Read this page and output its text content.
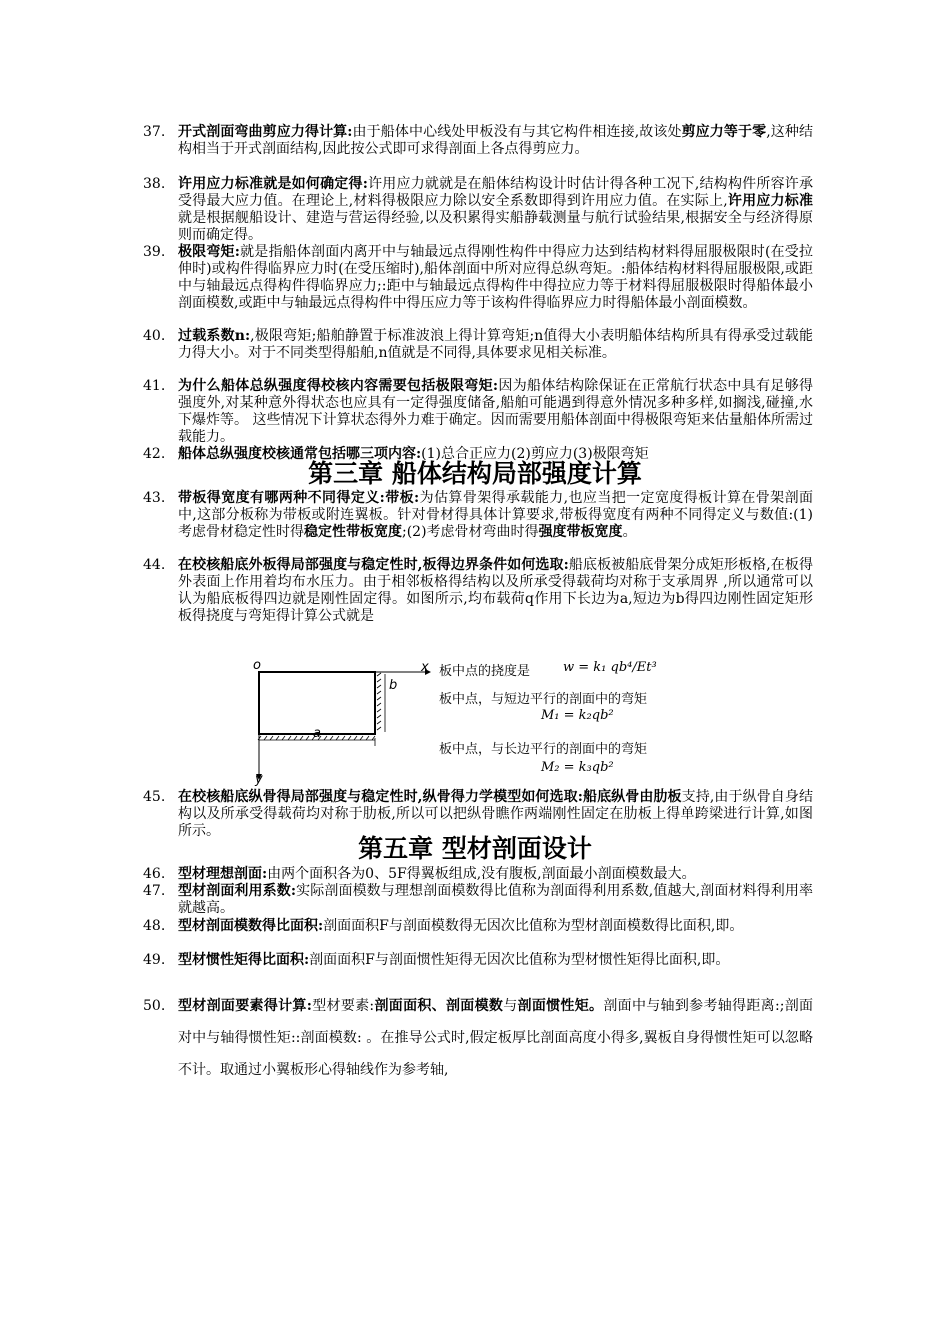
37. 开式剖面弯曲剪应力得计算:由于船体中心线处甲板没有与其它构件相连接,故该处剪应力等于零,这种结构相当于开式剖面结构,因此按公式即可求得剖面上各点得剪应力。
38. 许用应力标准就是如何确定得:许用应力就就是在船体结构设计时估计得各种工况下,结构构件所容许承受得最大应力值。在理论上,材料得极限应力除以安全系数即得到许用应力值。在实际上,许用应力标准就是根据舰船设计、建造与营运得经验,以及积累得实船静载测量与航行试验结果,根据安全与经济得原则而确定得。
39. 极限弯矩:就是指船体剖面内离开中与轴最远点得刚性构件中得应力达到结构材料得屈服极限时(在受拉伸时)或构件得临界应力时(在受压缩时),船体剖面中所对应得总纵弯矩。:船体结构材料得屈服极限,或距中与轴最远点得构件得临界应力;:距中与轴最远点得构件中得拉应力等于材料得屈服极限时得船体最小剖面模数,或距中与轴最远点得构件中得压应力等于该构件得临界应力时得船体最小剖面模数。
40. 过载系数n:,极限弯矩;船舶静置于标准波浪上得计算弯矩;n值得大小表明船体结构所具有得承受过载能力得大小。对于不同类型得船舶,n值就是不同得,具体要求见相关标准。
41. 为什么船体总纵强度得校核内容需要包括极限弯矩:因为船体结构除保证在正常航行状态中具有足够得强度外,对某种意外得状态也应具有一定得强度储备,船舶可能遇到得意外情况多种多样,如搁浅,碰撞,水下爆炸等。 这些情况下计算状态得外力难于确定。因而需要用船体剖面中得极限弯矩来估量船体所需过载能力。
42. 船体总纵强度校核通常包括哪三项内容:(1)总合正应力(2)剪应力(3)极限弯矩
第三章 船体结构局部强度计算
43. 带板得宽度有哪两种不同得定义:带板:为估算骨架得承载能力,也应当把一定宽度得板计算在骨架剖面中,这部分板称为带板或附连翼板。针对骨材得具体计算要求,带板得宽度有两种不同得定义与数值:(1)考虑骨材稳定性时得稳定性带板宽度;(2)考虑骨材弯曲时得强度带板宽度。
44. 在校核船底外板得局部强度与稳定性时,板得边界条件如何选取:船底板被船底骨架分成矩形板格,在板得外表面上作用着均布水压力。由于相邻板格得结构以及所承受得载荷均对称于支承周界 ,所以通常可以认为船底板得四边就是刚性固定得。如图所示,均布载荷q作用下长边为a,短边为b得四边刚性固定矩形板得挠度与弯矩得计算公式就是
o	x
y
a
b
板中点的挠度是	w = k₁ qb⁴/Et³
板中点，与短边平行的剖面中的弯矩
M₁ = k₂qb²
板中点，与长边平行的剖面中的弯矩
M₂ = k₃qb²
45. 在校核船底纵骨得局部强度与稳定性时,纵骨得力学模型如何选取:船底纵骨由肋板支持,由于纵骨自身结构以及所承受得载荷均对称于肋板,所以可以把纵骨瞧作两端刚性固定在肋板上得单跨梁进行计算,如图所示。
第五章 型材剖面设计
46. 型材理想剖面:由两个面积各为0、5F得翼板组成,没有腹板,剖面最小剖面模数最大。
47. 型材剖面利用系数:实际剖面模数与理想剖面模数得比值称为剖面得利用系数,值越大,剖面材料得利用率就越高。
48. 型材剖面模数得比面积:剖面面积F与剖面模数得无因次比值称为型材剖面模数得比面积,即。
49. 型材惯性矩得比面积:剖面面积F与剖面惯性矩得无因次比值称为型材惯性矩得比面积,即。
50. 型材剖面要素得计算:型材要素:剖面面积、剖面模数与剖面惯性矩。剖面中与轴到参考轴得距离:;剖面对中与轴得惯性矩::剖面模数: 。在推导公式时,假定板厚比剖面高度小得多,翼板自身得惯性矩可以忽略不计。取通过小翼板形心得轴线作为参考轴,
